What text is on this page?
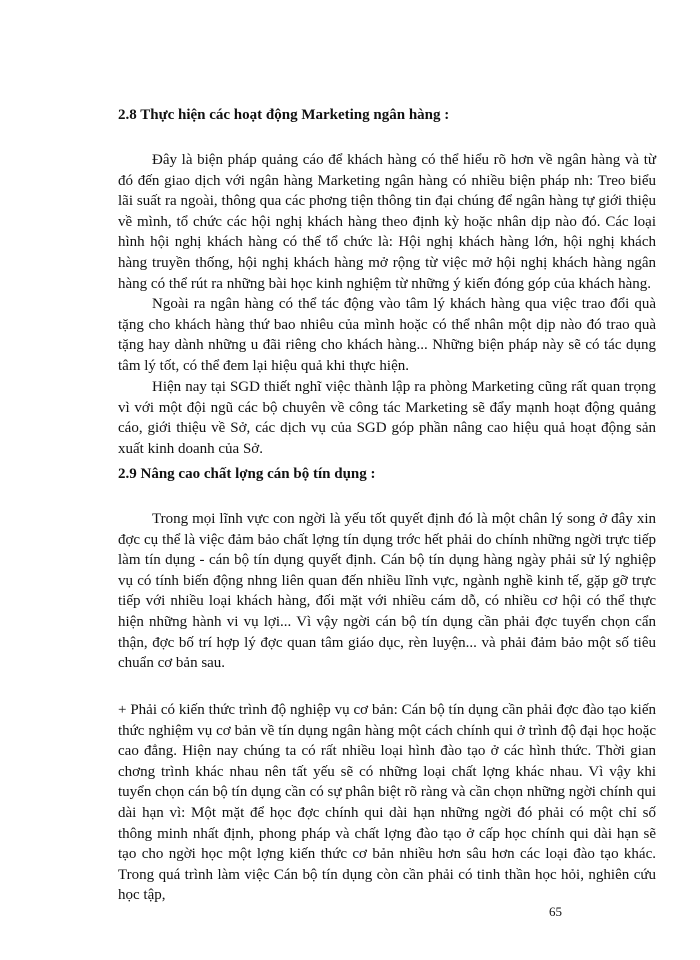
2.8 Thực hiện các hoạt động Marketing ngân hàng :

Đây là biện pháp quảng cáo để khách hàng có thể hiểu rõ hơn về ngân hàng và từ đó đến giao dịch với ngân hàng Marketing ngân hàng có nhiều biện pháp nh: Treo biểu lãi suất ra ngoài, thông qua các phơng tiện thông tin đại chúng để ngân hàng tự giới thiệu về mình, tổ chức các hội nghị khách hàng theo định kỳ hoặc nhân dịp nào đó. Các loại hình hội nghị khách hàng có thể tổ chức là: Hội nghị khách hàng lớn, hội nghị khách hàng truyền thống, hội nghị khách hàng mở rộng từ việc mở hội nghị khách hàng ngân hàng có thể rút ra những bài học kinh nghiệm từ những ý kiến đóng góp của khách hàng.

Ngoài ra ngân hàng có thể tác động vào tâm lý khách hàng qua việc trao đổi quà tặng cho khách hàng thứ bao nhiêu của mình hoặc có thể nhân một dịp nào đó trao quà tặng hay dành những u đãi riêng cho khách hàng... Những biện pháp này sẽ có tác dụng tâm lý tốt, có thể đem lại hiệu quả khi thực hiện.

Hiện nay tại SGD thiết nghĩ việc thành lập ra phòng Marketing cũng rất quan trọng vì với một đội ngũ các bộ chuyên về công tác Marketing sẽ đẩy mạnh hoạt động quảng cáo, giới thiệu về Sở, các dịch vụ của SGD góp phần nâng cao hiệu quả hoạt động sản xuất kinh doanh của Sở.

2.9 Nâng cao chất lợng cán bộ tín dụng :

Trong mọi lĩnh vực con ngời là yếu tốt quyết định đó là một chân lý song ở đây xin đợc cụ thể là việc đảm bảo chất lợng tín dụng trớc hết phải do chính những ngời trực tiếp làm tín dụng - cán bộ tín dụng quyết định. Cán bộ tín dụng hàng ngày phải sử lý nghiệp vụ có tính biến động nhng liên quan đến nhiều lĩnh vực, ngành nghề kinh tế, gặp gỡ trực tiếp với nhiều loại khách hàng, đối mặt với nhiều cám dỗ, có nhiều cơ hội có thể thực hiện những hành vi vụ lợi... Vì vậy ngời cán bộ tín dụng cần phải đợc tuyển chọn cẩn thận, đợc bố trí hợp lý đợc quan tâm giáo dục, rèn luyện... và phải đảm bảo một số tiêu chuẩn cơ bản sau.

+ Phải có kiến thức trình độ nghiệp vụ cơ bản: Cán bộ tín dụng cần phải đợc đào tạo kiến thức nghiệm vụ cơ bản về tín dụng ngân hàng một cách chính qui ở trình độ đại học hoặc cao đẳng. Hiện nay chúng ta có rất nhiều loại hình đào tạo ở các hình thức. Thời gian chơng trình khác nhau nên tất yếu sẽ có những loại chất lợng khác nhau. Vì vậy khi tuyển chọn cán bộ tín dụng cần có sự phân biệt rõ ràng và cần chọn những ngời chính qui dài hạn vì: Một mặt để học đợc chính qui dài hạn những ngời đó phải có một chỉ số thông minh nhất định, phong pháp và chất lợng đào tạo ở cấp học chính qui dài hạn sẽ tạo cho ngời học một lợng kiến thức cơ bản nhiều hơn sâu hơn các loại đào tạo khác. Trong quá trình làm việc Cán bộ tín dụng còn cần phải có tinh thần học hỏi, nghiên cứu học tập,

65
